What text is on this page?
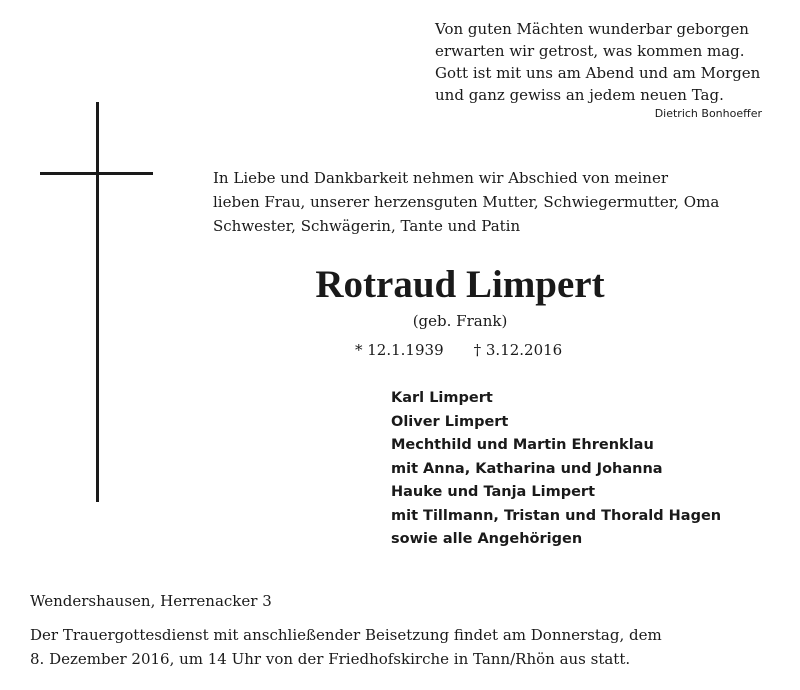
Von guten Mächten wunderbar geborgen
erwarten wir getrost, was kommen mag.
Gott ist mit uns am Abend und am Morgen
und ganz gewiss an jedem neuen Tag.
Dietrich Bonhoeffer
In Liebe und Dankbarkeit nehmen wir Abschied von meiner
lieben Frau, unserer herzensguten Mutter, Schwiegermutter, Oma
Schwester, Schwägerin, Tante und Patin
Rotraud Limpert
(geb. Frank)
* 12.1.1939 † 3.12.2016
Karl Limpert
Oliver Limpert
Mechthild und Martin Ehrenklau
mit Anna, Katharina und Johanna
Hauke und Tanja Limpert
mit Tillmann, Tristan und Thorald Hagen
sowie alle Angehörigen
Wendershausen, Herrenacker 3
Der Trauergottesdienst mit anschließender Beisetzung findet am Donnerstag, dem
8. Dezember 2016, um 14 Uhr von der Friedhofskirche in Tann/Rhön aus statt.
